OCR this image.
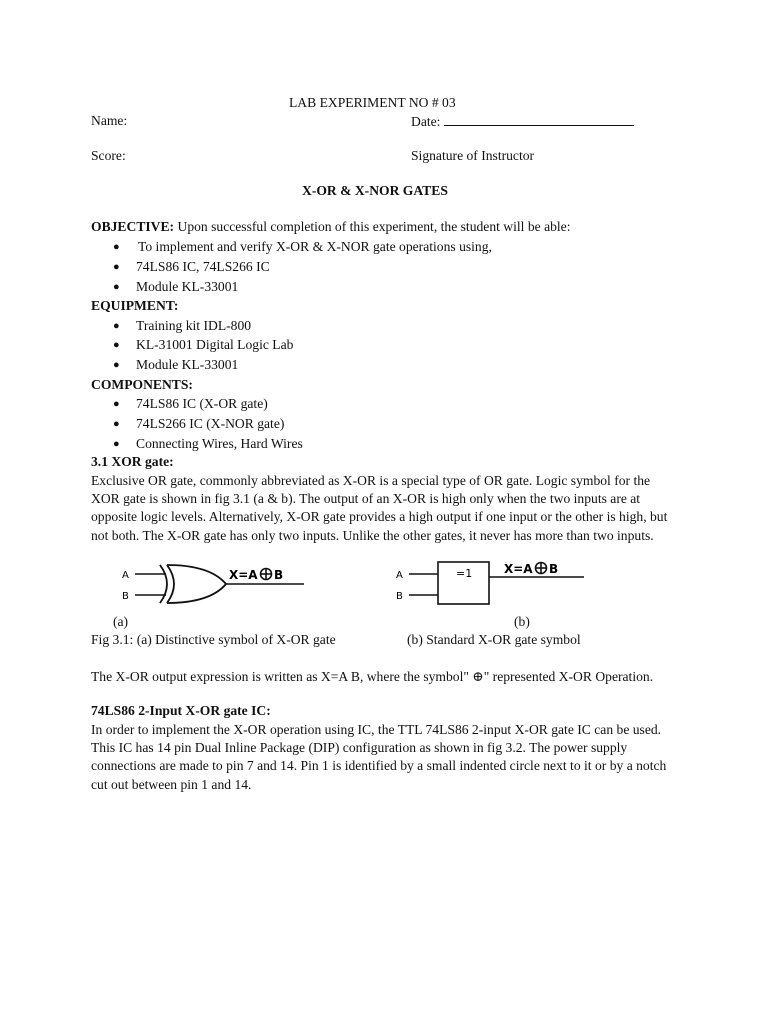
LAB EXPERIMENT NO # 03
Name:	Date:
Score:	Signature of Instructor
X-OR & X-NOR GATES
OBJECTIVE: Upon successful completion of this experiment, the student will be able:
● To implement and verify X-OR & X-NOR gate operations using,
● 74LS86 IC, 74LS266 IC
● Module KL-33001
EQUIPMENT:
● Training kit IDL-800
● KL-31001 Digital Logic Lab
● Module KL-33001
COMPONENTS:
● 74LS86 IC (X-OR gate)
● 74LS266 IC (X-NOR gate)
● Connecting Wires, Hard Wires
3.1 XOR gate:
Exclusive OR gate, commonly abbreviated as X-OR is a special type of OR gate. Logic symbol for the XOR gate is shown in fig 3.1 (a & b). The output of an X-OR is high only when the two inputs are at opposite logic levels. Alternatively, X-OR gate provides a high output if one input or the other is high, but not both. The X-OR gate has only two inputs. Unlike the other gates, it never has more than two inputs.
A
B
X=A B	A
B
=1	X=A B
(a)	(b)
Fig 3.1: (a) Distinctive symbol of X-OR gate	(b) Standard X-OR gate symbol
The X-OR output expression is written as X=A B, where the symbol" ⊕" represented X-OR Operation.
74LS86 2-Input X-OR gate IC:
In order to implement the X-OR operation using IC, the TTL 74LS86 2-input X-OR gate IC can be used. This IC has 14 pin Dual Inline Package (DIP) configuration as shown in fig 3.2. The power supply connections are made to pin 7 and 14. Pin 1 is identified by a small indented circle next to it or by a notch cut out between pin 1 and 14.
